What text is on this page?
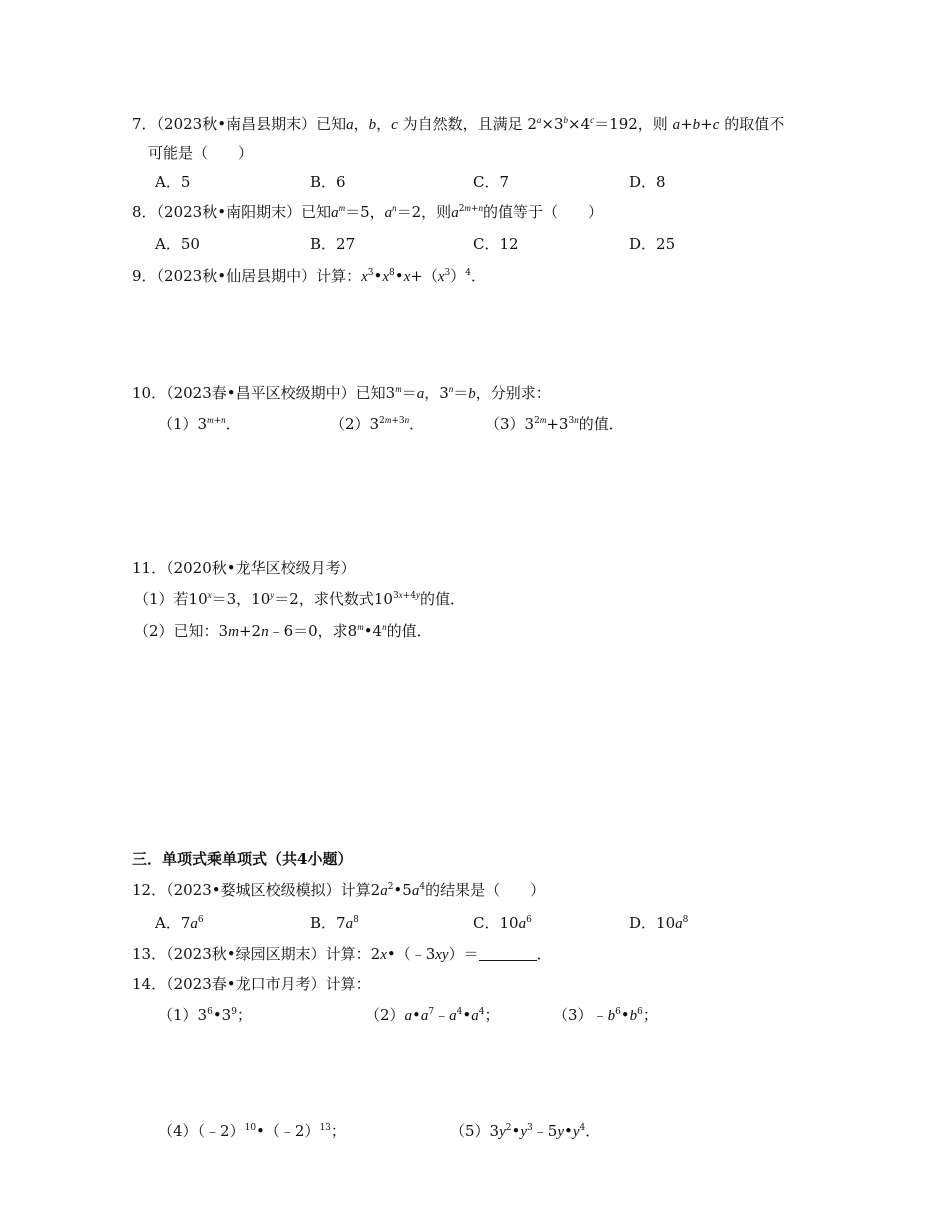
7．（2023秋•南昌县期末）已知a，b，c 为自然数，且满足 $2^a\times 3^b\times 4^c=192$，则 a+b+c 的取值不
可能是（　　）
A．5	B．6	C．7	D．8
8．（2023秋•南阳期末）已知$a^m=5$，$a^n=2$，则$a^{2m+n}$的值等于（　　）
A．50	B．27	C．12	D．25
9．（2023秋•仙居县期中）计算：$x^3•x^8•x+(x^3)^4$．
10．（2023春•昌平区校级期中）已知$3^m=a$，$3^n=b$，分别求：
$(1)3^{m+n}$．	$(2)3^{2m+3n}$．	$(3)3^{2m}+3^{3n}$的值．
11．（2020秋•龙华区校级月考）
（1）若$10^x=3$，$10^y=2$，求代数式$10^{3x+4y}$的值．
（2）已知：3m+2n﹣6＝0，求8$^m$•4$^n$的值．
三．单项式乘单项式（共4小题）
12．（2023•婺城区校级模拟）计算$2a^2•5a^4$的结果是（　　）
A．$7a^6$	B．$7a^8$	C．$10a^6$	D．$10a^8$
13．（2023秋•绿园区期末）计算：2x•（﹣3xy）＝	．
14．（2023春•龙口市月考）计算：
$(1)3^6•3^9$；	$(2)a•a^7﹣a^4•a^4$；	$(3)﹣b^6•b^6$；
（4）（﹣2）$^{10}$•（﹣2）$^{13}$；	$(5)3y^2•y^3﹣5y•y^4$．
